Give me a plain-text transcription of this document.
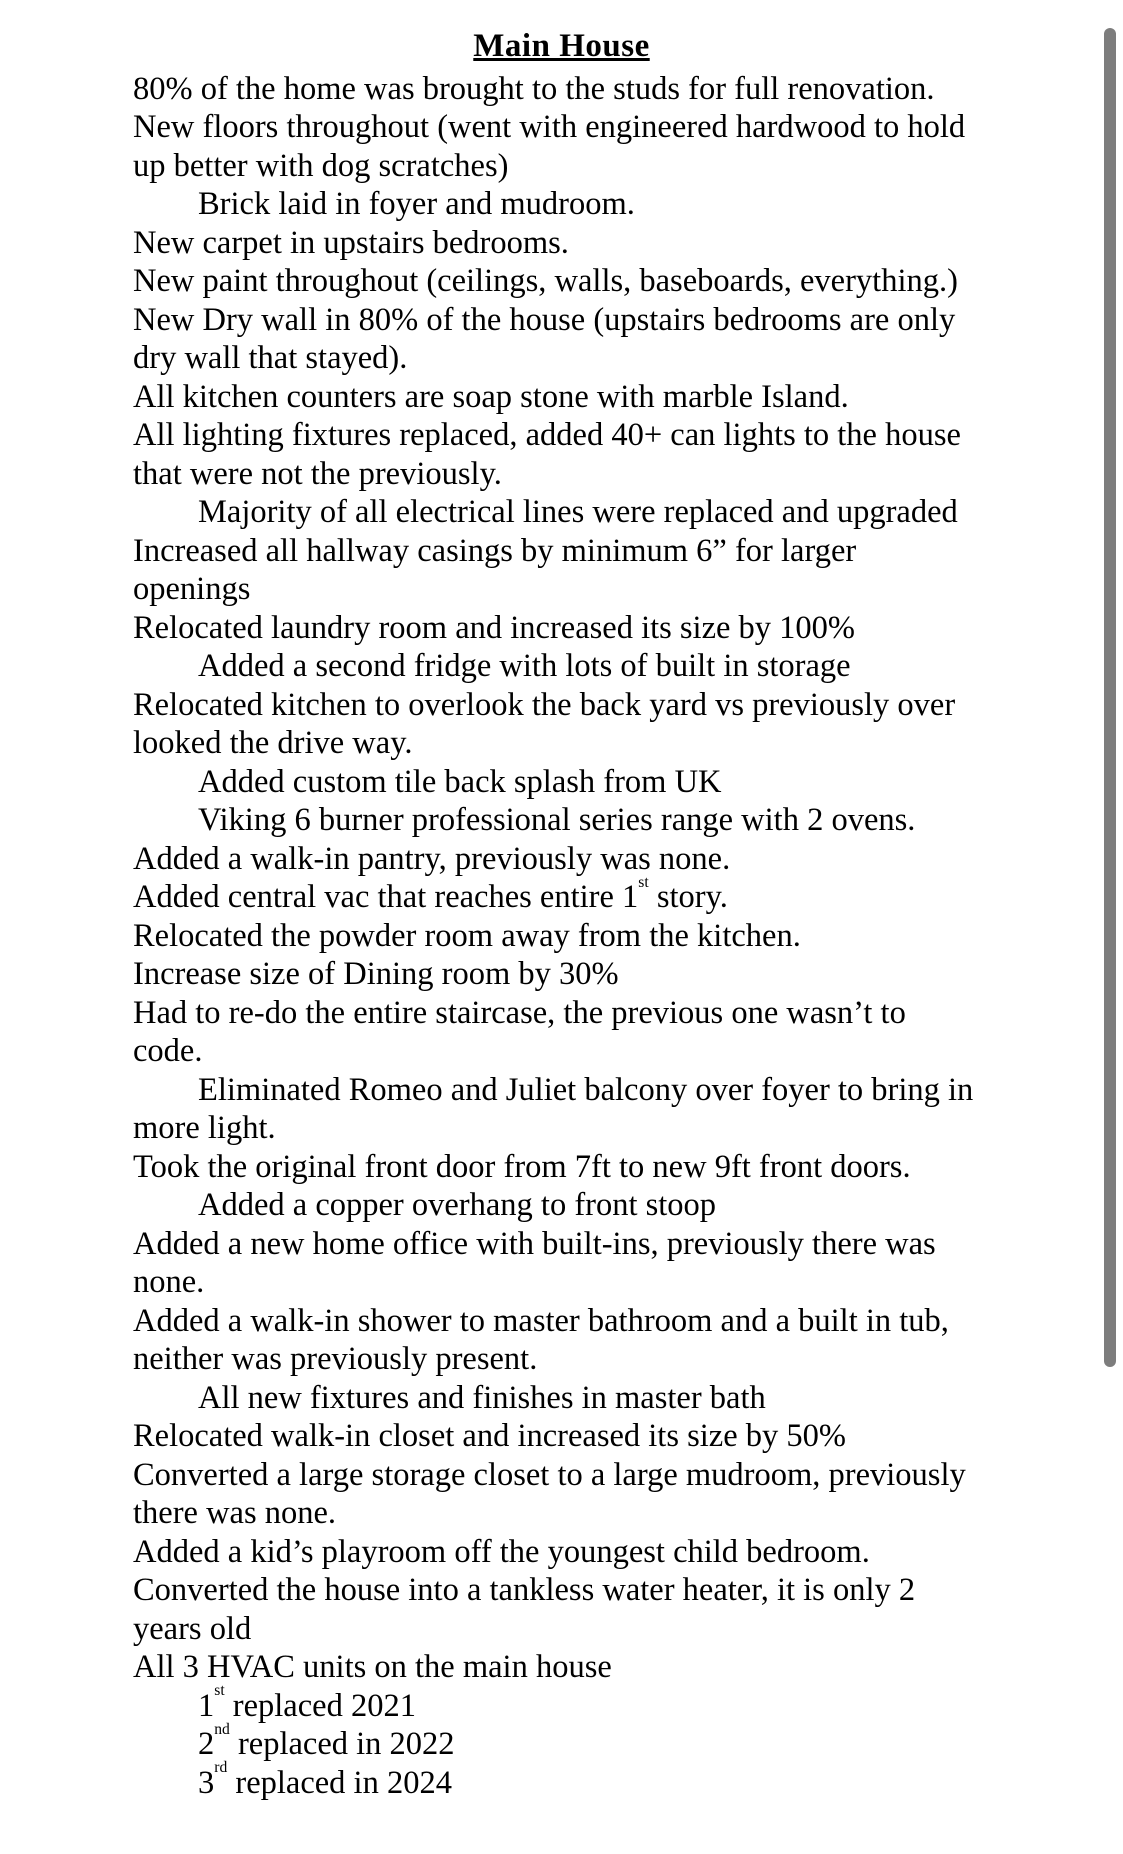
Main House
80% of the home was brought to the studs for full renovation.
New floors throughout (went with engineered hardwood to hold
up better with dog scratches)
Brick laid in foyer and mudroom.
New carpet in upstairs bedrooms.
New paint throughout (ceilings, walls, baseboards, everything.)
New Dry wall in 80% of the house (upstairs bedrooms are only
dry wall that stayed).
All kitchen counters are soap stone with marble Island.
All lighting fixtures replaced, added 40+ can lights to the house
that were not the previously.
Majority of all electrical lines were replaced and upgraded
Increased all hallway casings by minimum 6” for larger
openings
Relocated laundry room and increased its size by 100%
Added a second fridge with lots of built in storage
Relocated kitchen to overlook the back yard vs previously over
looked the drive way.
Added custom tile back splash from UK
Viking 6 burner professional series range with 2 ovens.
Added a walk-in pantry, previously was none.
Added central vac that reaches entire 1st story.
Relocated the powder room away from the kitchen.
Increase size of Dining room by 30%
Had to re-do the entire staircase, the previous one wasn’t to
code.
Eliminated Romeo and Juliet balcony over foyer to bring in
more light.
Took the original front door from 7ft to new 9ft front doors.
Added a copper overhang to front stoop
Added a new home office with built-ins, previously there was
none.
Added a walk-in shower to master bathroom and a built in tub,
neither was previously present.
All new fixtures and finishes in master bath
Relocated walk-in closet and increased its size by 50%
Converted a large storage closet to a large mudroom, previously
there was none.
Added a kid’s playroom off the youngest child bedroom.
Converted the house into a tankless water heater, it is only 2
years old
All 3 HVAC units on the main house
1st replaced 2021
2nd replaced in 2022
3rd replaced in 2024
